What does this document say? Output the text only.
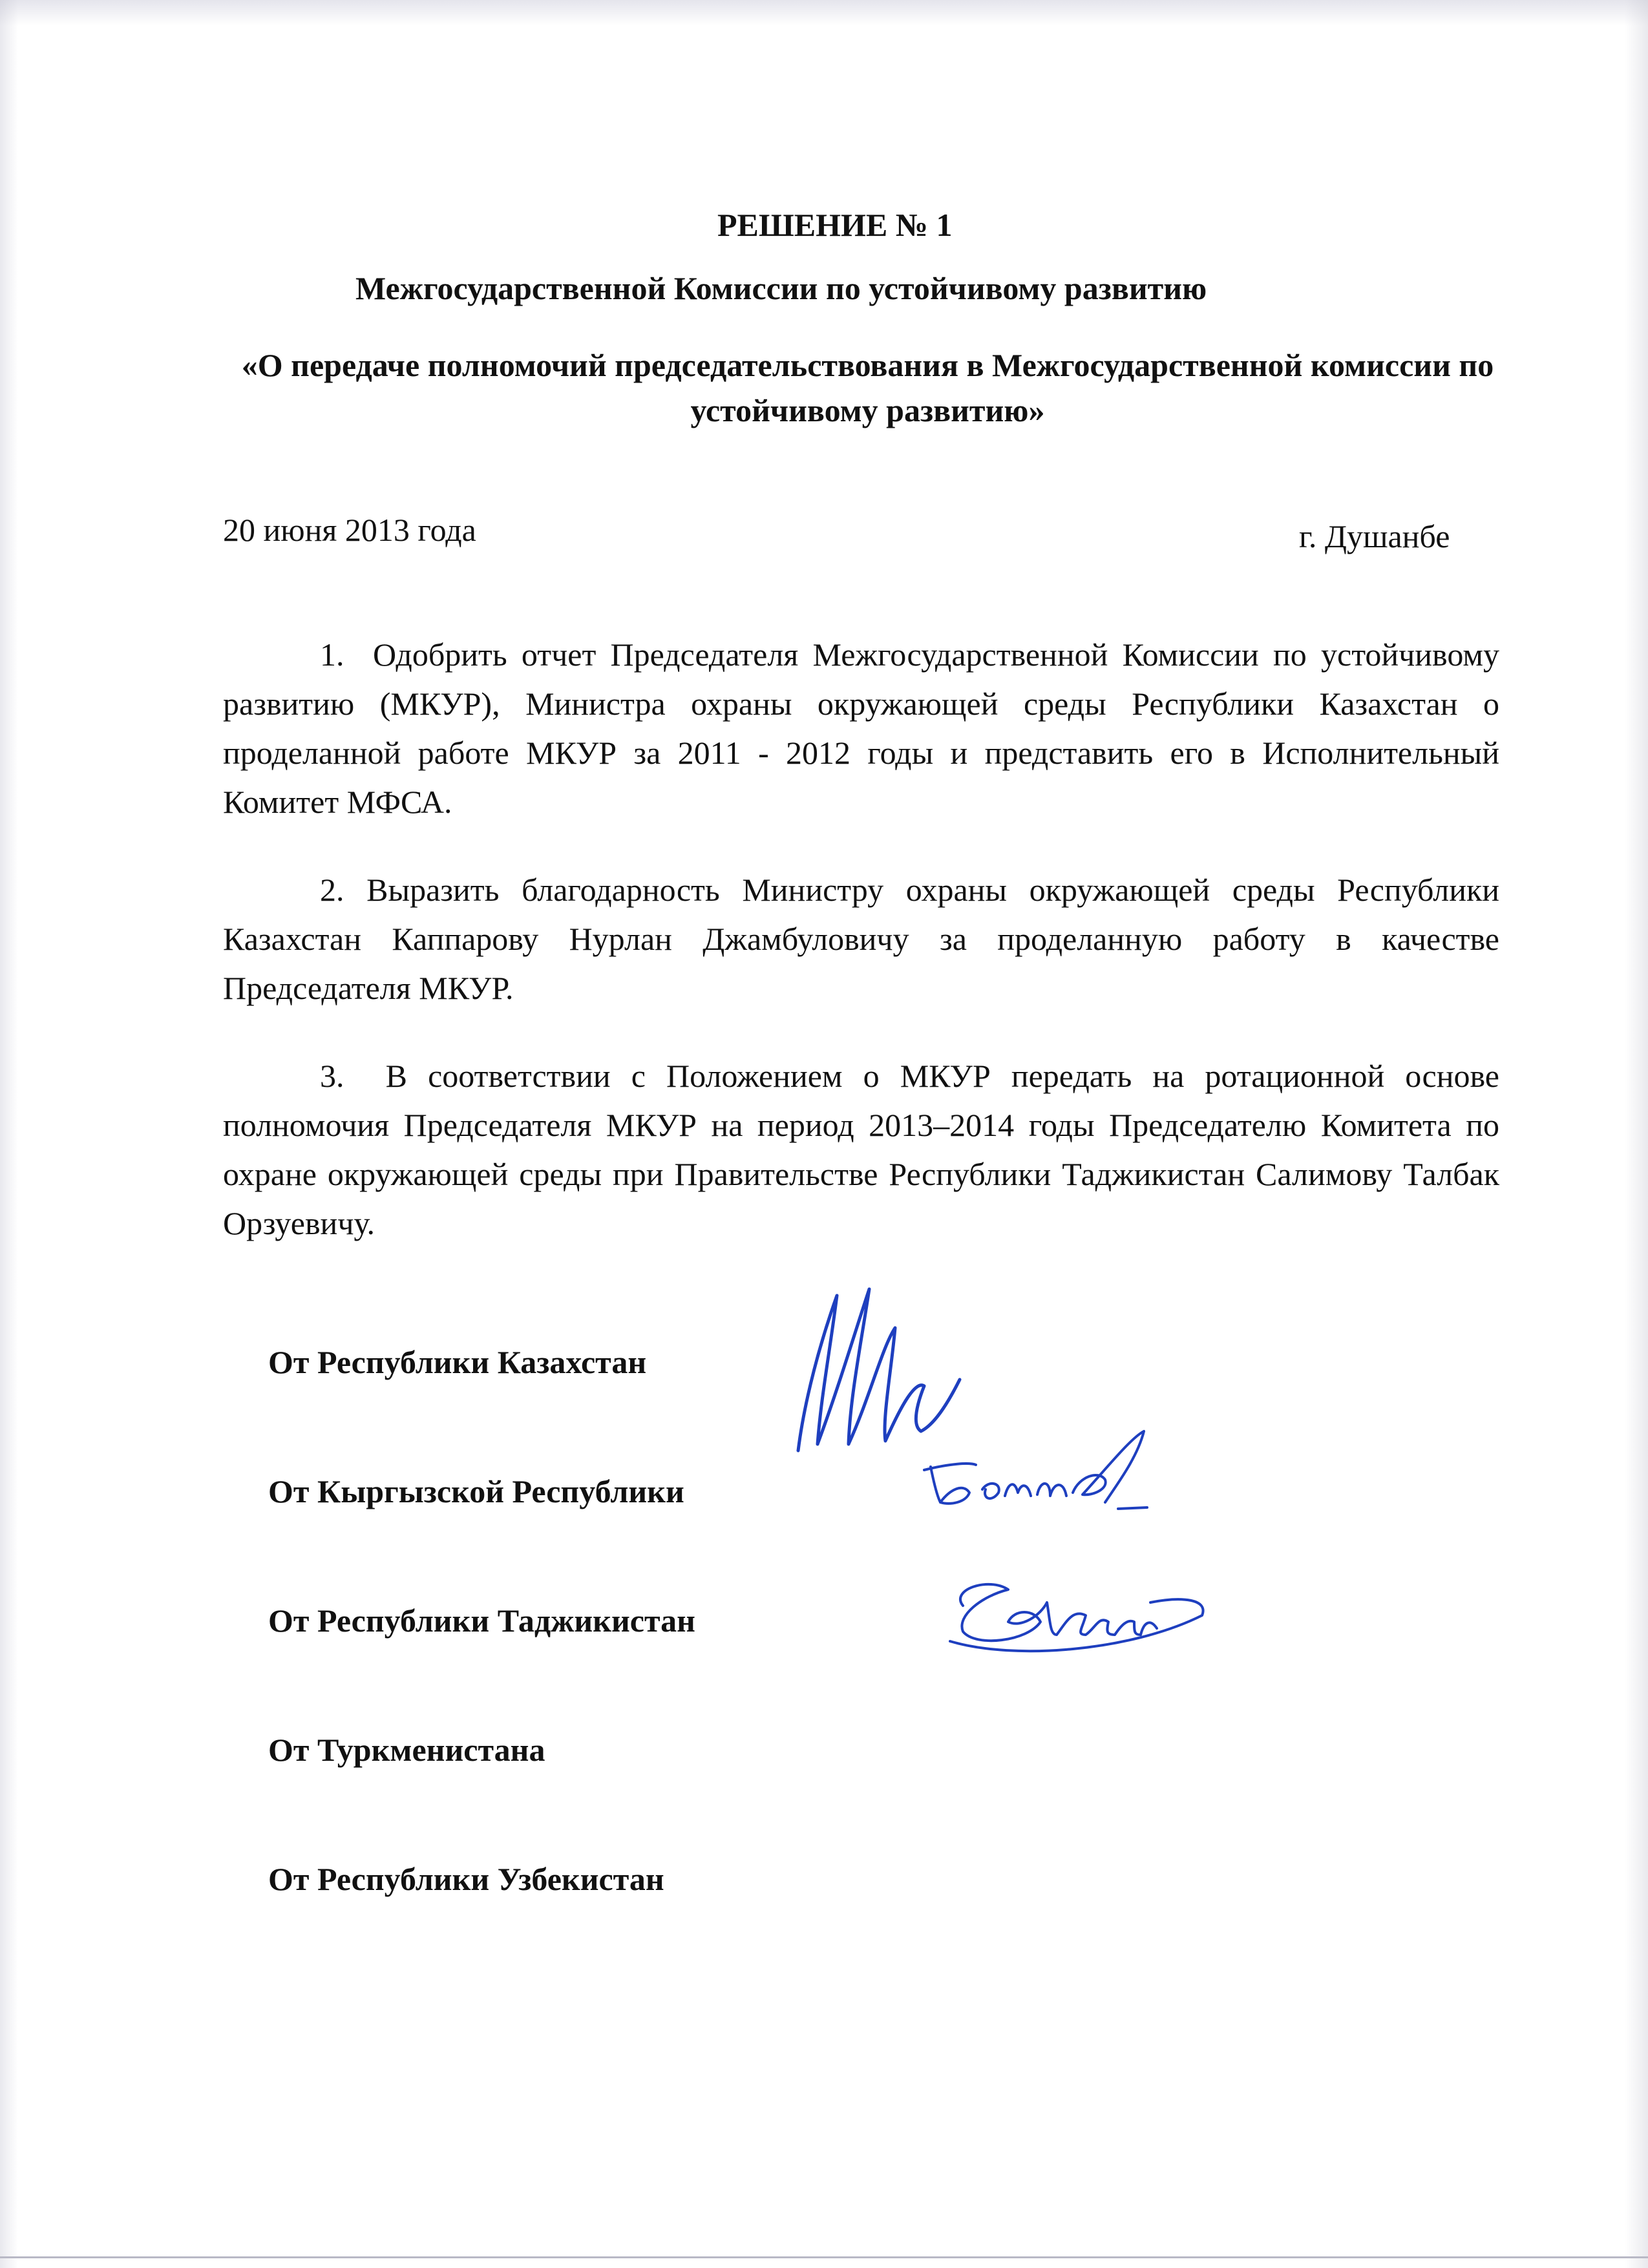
РЕШЕНИЕ № 1
Межгосударственной Комиссии по устойчивому развитию
«О передаче полномочий председательствования в Межгосударственной комиссии по устойчивому развитию»
20 июня 2013 года	г. Душанбе

1. Одобрить отчет Председателя Межгосударственной Комиссии по устойчивому развитию (МКУР), Министра охраны окружающей среды Республики Казахстан о проделанной работе МКУР за 2011 - 2012 годы и представить его в Исполнительный Комитет МФСА.

2. Выразить благодарность Министру охраны окружающей среды Республики Казахстан Каппарову Нурлан Джамбуловичу за проделанную работу в качестве Председателя МКУР.

3. В соответствии с Положением о МКУР передать на ротационной основе полномочия Председателя МКУР на период 2013–2014 годы Председателю Комитета по охране окружающей среды при Правительстве Республики Таджикистан Салимову Талбак Орзуевичу.

От Республики Казахстан
От Кыргызской Республики
От Республики Таджикистан
От Туркменистана
От Республики Узбекистан
